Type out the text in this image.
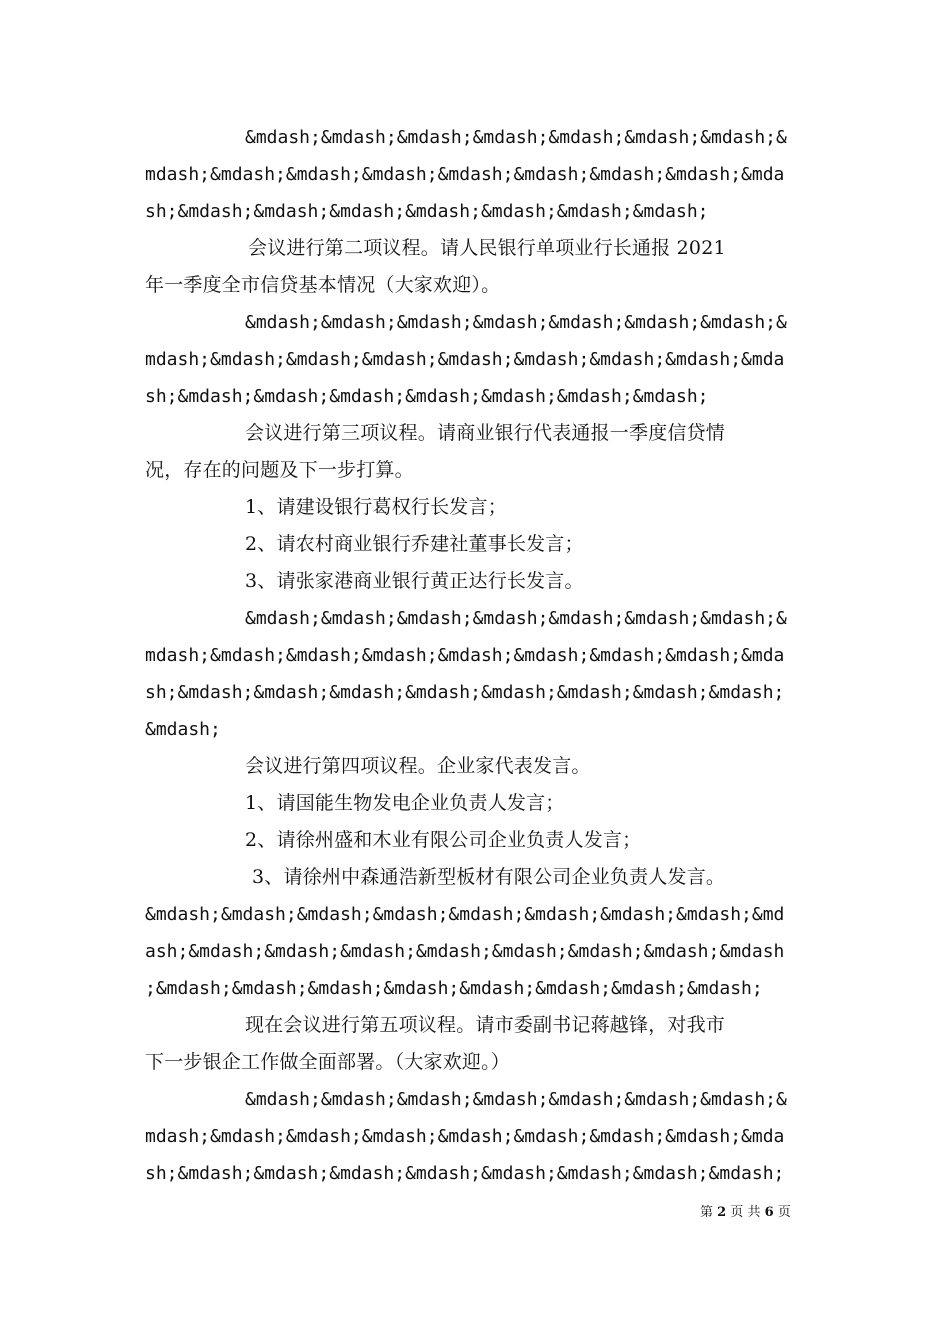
&mdash;&mdash;&mdash;&mdash;&mdash;&mdash;&mdash;&
mdash;&mdash;&mdash;&mdash;&mdash;&mdash;&mdash;&mdash;&mda
sh;&mdash;&mdash;&mdash;&mdash;&mdash;&mdash;&mdash;
会议进行第二项议程。请人民银行单项业行长通报 2021
年一季度全市信贷基本情况（大家欢迎）。
&mdash;&mdash;&mdash;&mdash;&mdash;&mdash;&mdash;&
mdash;&mdash;&mdash;&mdash;&mdash;&mdash;&mdash;&mdash;&mda
sh;&mdash;&mdash;&mdash;&mdash;&mdash;&mdash;&mdash;
会议进行第三项议程。请商业银行代表通报一季度信贷情
况，存在的问题及下一步打算。
1、请建设银行葛权行长发言；
2、请农村商业银行乔建社董事长发言；
3、请张家港商业银行黄正达行长发言。
&mdash;&mdash;&mdash;&mdash;&mdash;&mdash;&mdash;&
mdash;&mdash;&mdash;&mdash;&mdash;&mdash;&mdash;&mdash;&mda
sh;&mdash;&mdash;&mdash;&mdash;&mdash;&mdash;&mdash;&mdash;
&mdash;
会议进行第四项议程。企业家代表发言。
1、请国能生物发电企业负责人发言；
2、请徐州盛和木业有限公司企业负责人发言；
3、请徐州中森通浩新型板材有限公司企业负责人发言。
&mdash;&mdash;&mdash;&mdash;&mdash;&mdash;&mdash;&mdash;&md
ash;&mdash;&mdash;&mdash;&mdash;&mdash;&mdash;&mdash;&mdash
;&mdash;&mdash;&mdash;&mdash;&mdash;&mdash;&mdash;&mdash;
现在会议进行第五项议程。请市委副书记蒋越锋，对我市
下一步银企工作做全面部署。（大家欢迎。）
&mdash;&mdash;&mdash;&mdash;&mdash;&mdash;&mdash;&
mdash;&mdash;&mdash;&mdash;&mdash;&mdash;&mdash;&mdash;&mda
sh;&mdash;&mdash;&mdash;&mdash;&mdash;&mdash;&mdash;&mdash;
第 2 页 共 6 页
